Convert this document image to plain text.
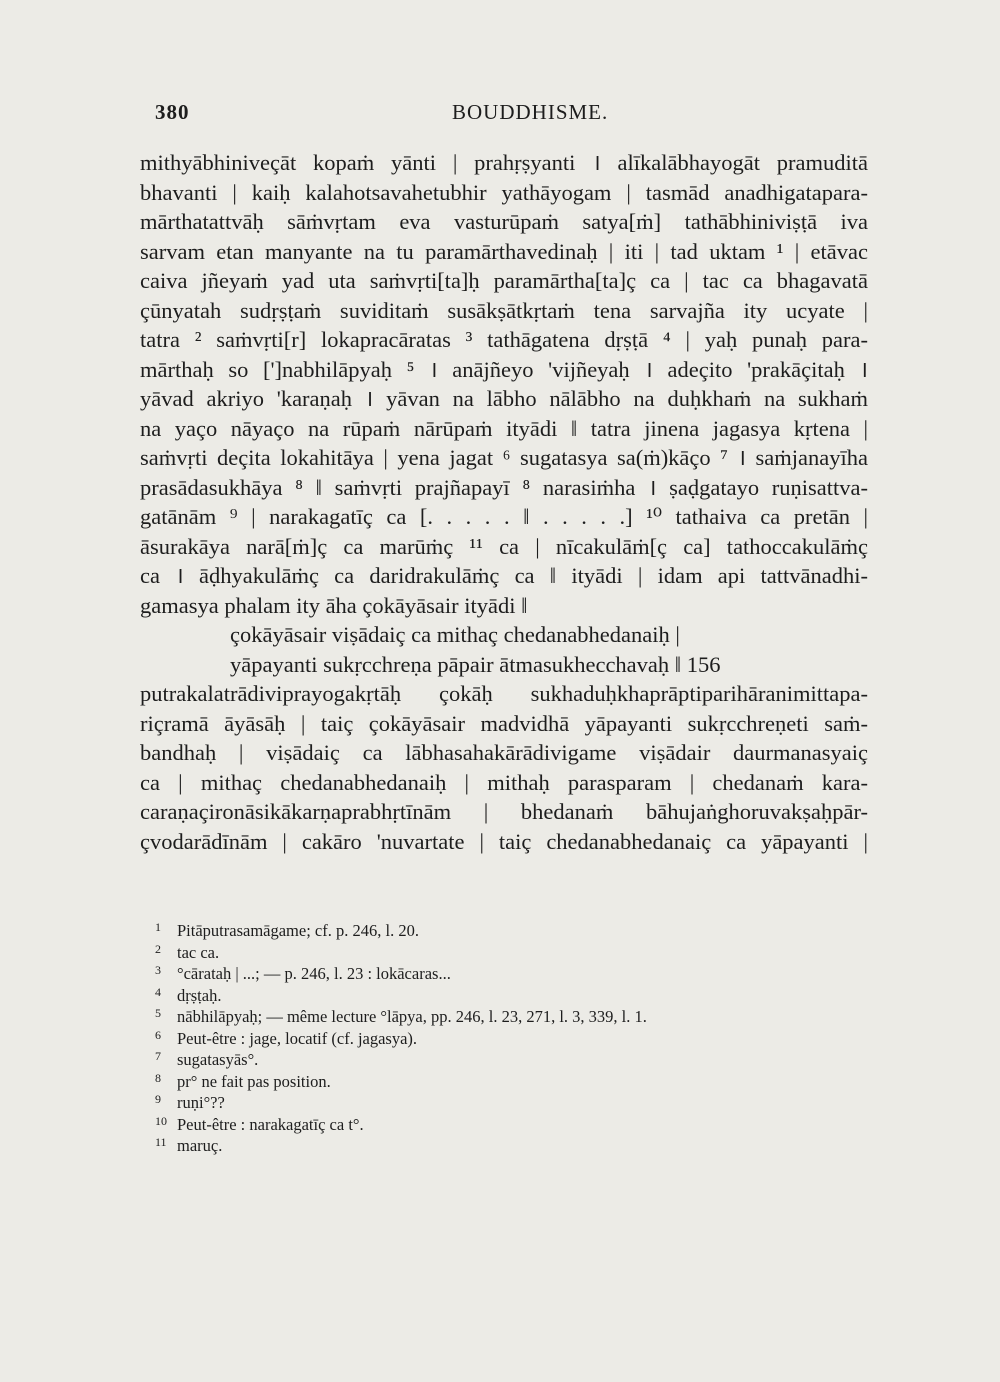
380	BOUDDHISME.
mithyābhiniveçāt kopaṁ yānti | prahṛṣyanti । alīkalābhayogāt pramuditā
bhavanti | kaiḥ kalahotsavahetubhir yathāyogam | tasmād anadhigataparа-
mārthatattvāḥ sāṁvṛtam eva vasturūpaṁ satya[ṁ] tathābhiniviṣṭā iva
sarvam etan manyante na tu paramārthavedinaḥ | iti | tad uktam ¹ | etāvac
caiva jñeyaṁ yad uta saṁvṛti[ta]ḥ paramārtha[ta]ç ca | tac ca bhagavatā
çūnyatah sudṛṣṭaṁ suviditaṁ susākṣātkṛtaṁ tena sarvajña ity ucyate |
tatra ² saṁvṛti[r] lokapracāratas ³ tathāgatena dṛṣṭā ⁴ | yaḥ punaḥ para-
mārthaḥ so [']nabhilāpyaḥ ⁵ । anājñeyo 'vijñeyaḥ । adeçito 'prakāçitaḥ ।
yāvad akriyo 'karaṇaḥ । yāvan na lābho nālābho na duḥkhaṁ na sukhaṁ
na yaço nāyaço na rūpaṁ nārūpaṁ ityādi ‖ tatra jinena jagasya kṛtena |
saṁvṛti deçita lokahitāya | yena jagat ⁶ sugatasya sa(ṁ)kāço ⁷ । saṁjanayīha
prasādasukhāya ⁸ ‖ saṁvṛti prajñapayī ⁸ narasiṁha । ṣaḍgatayo ruṇisattva-
gatānām ⁹ | narakagatīç ca [. . . . . ‖ . . . . .] ¹⁰ tathaiva ca pretān |
āsurakāya narā[ṁ]ç ca marūṁç ¹¹ ca | nīcakulāṁ[ç ca] tathoccakulāṁç
ca । āḍhyakulāṁç ca daridrakulāṁç ca ‖ ityādi | idam api tattvānadhi-
gamasya phalam ity āha çokāyāsair ityādi ‖
çokāyāsair viṣādaiç ca mithaç chedanabhedanaiḥ |
yāpayanti sukṛcchreṇa pāpair ātmasukhecchavaḥ ‖ 156
putrakalatrādiviprayogakṛtāḥ çokāḥ sukhaduḥkhaprāptiparihāranimittapa-
riçramā āyāsāḥ | taiç çokāyāsair madvidhā yāpayanti sukṛcchreṇeti saṁ-
bandhaḥ | viṣādaiç ca lābhasahakārādivigame viṣādair daurmanasyaiç
ca | mithaç chedanabhedanaiḥ | mithaḥ parasparam | chedanaṁ kara-
caraṇaçironāsikākarṇaprabhṛtīnām | bhedanaṁ bāhujaṅghoruvakṣaḥpār-
çvodarādīnām | cakāro 'nuvartate | taiç chedanabhedanaiç ca yāpayanti |
1 Pitāputrasamāgame; cf. p. 246, l. 20.
2 tac ca.
3 °cārataḥ | ...; — p. 246, l. 23 : lokācaras...
4 dṛṣṭaḥ.
5 nābhilāpyaḥ; — même lecture °lāpya, pp. 246, l. 23, 271, l. 3, 339, l. 1.
6 Peut-être : jage, locatif (cf. jagasya).
7 sugatasyās°.
8 pr° ne fait pas position.
9 ruṇi°??
10 Peut-être : narakagatīç ca t°.
11 maruç.
